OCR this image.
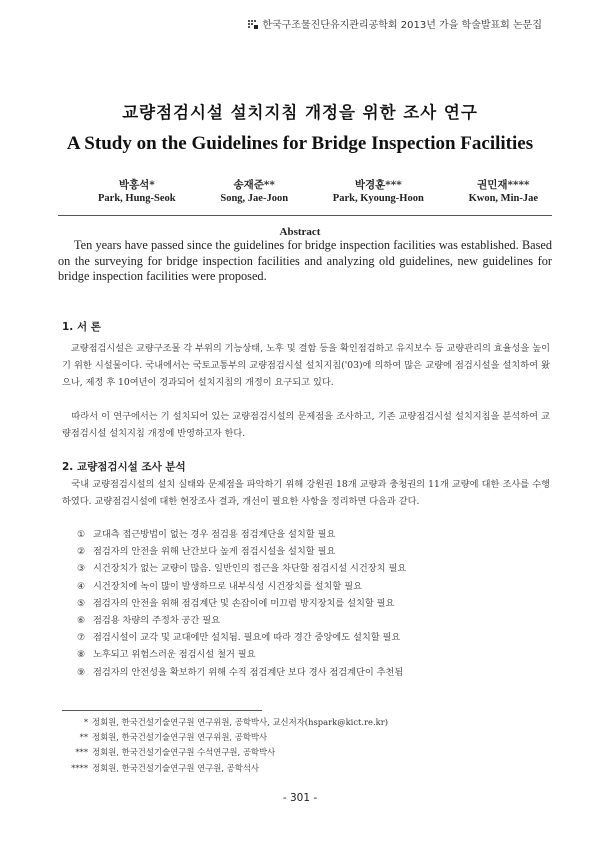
한국구조물진단유지관리공학회 2013년 가을 학술발표회 논문집
교량점검시설 설치지침 개정을 위한 조사 연구
A Study on the Guidelines for Bridge Inspection Facilities
박홍석*
Park, Hung-Seok
송재준**
Song, Jae-Joon
박경훈***
Park, Kyoung-Hoon
권민재****
Kwon, Min-Jae
Abstract
Ten years have passed since the guidelines for bridge inspection facilities was established. Based on the surveying for bridge inspection facilities and analyzing old guidelines, new guidelines for bridge inspection facilities were proposed.
1. 서 론
교량점검시설은 교량구조물 각 부위의 기능상태, 노후 및 결함 등을 확인점검하고 유지보수 등 교량관리의 효율성을 높이기 위한 시설물이다. 국내에서는 국토교통부의 교량점검시설 설치지침('03)에 의하여 많은 교량에 점검시설을 설치하여 왔으나, 제정 후 10여년이 경과되어 설치지침의 개정이 요구되고 있다.
따라서 이 연구에서는 기 설치되어 있는 교량점검시설의 문제점을 조사하고, 기존 교량점검시설 설치지침을 분석하여 교량점검시설 설치지침 개정에 반영하고자 한다.
2. 교량점검시설 조사 분석
국내 교량점검시설의 설치 실태와 문제점을 파악하기 위해 강원권 18개 교량과 충청권의 11개 교량에 대한 조사를 수행하였다. 교량점검시설에 대한 현장조사 결과, 개선이 필요한 사항을 정리하면 다음과 같다.
① 교대측 접근방법이 없는 경우 점검용 점검계단을 설치할 필요
② 점검자의 안전을 위해 난간보다 높게 점검시설을 설치할 필요
③ 시건장치가 없는 교량이 많음. 일반인의 접근을 차단할 점검시설 시건장치 필요
④ 시건장치에 녹이 많이 발생하므로 내부식성 시건장치를 설치할 필요
⑤ 점검자의 안전을 위해 점검계단 및 손잡이에 미끄럼 방지장치를 설치할 필요
⑥ 점검용 차량의 주정차 공간 필요
⑦ 점검시설이 교각 및 교대에만 설치됨. 필요에 따라 경간 중앙에도 설치할 필요
⑧ 노후되고 위험스러운 점검시설 철거 필요
⑨ 점검자의 안전성을 확보하기 위해 수직 점검계단 보다 경사 점검계단이 추천됨
* 정회원, 한국건설기술연구원 연구위원, 공학박사, 교신저자(hspark@kict.re.kr)
** 정회원, 한국건설기술연구원 연구위원, 공학박사
*** 정회원, 한국건설기술연구원 수석연구원, 공학박사
**** 정회원, 한국건설기술연구원 연구원, 공학석사
- 301 -
